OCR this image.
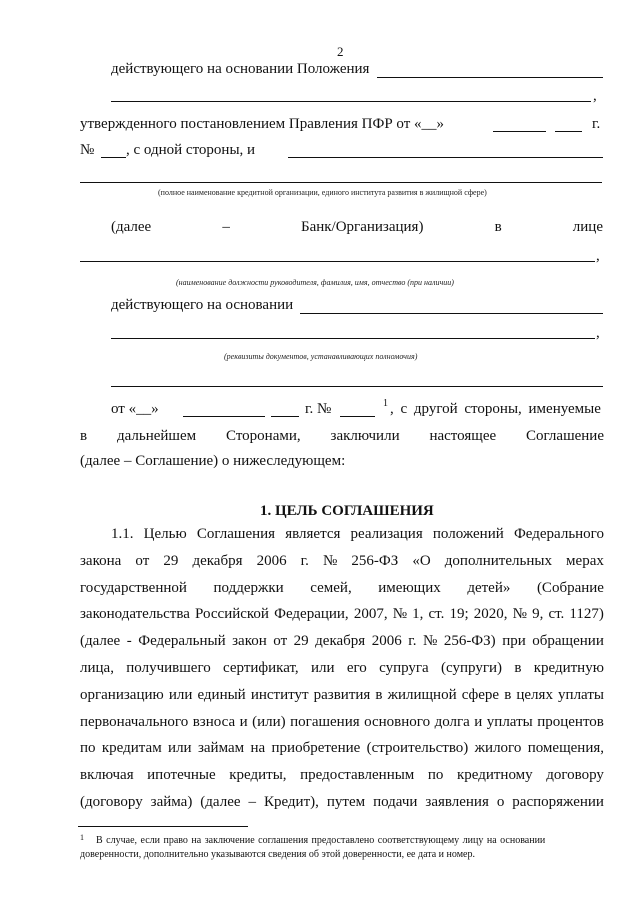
2
действующего на основании Положения
,
утвержденного постановлением Правления ПФР от «__»	г.
№ , с одной стороны, и
(полное наименование кредитной организации, единого института развития в жилищной сфере)
(далее	–	Банк/Организация)	в	лице
,
(наименование должности руководителя, фамилия, имя, отчество (при наличии)
действующего на основании
,
(реквизиты документов, устанавливающих полномочия)
от «__»	г. №	1 , с другой стороны, именуемые
в дальнейшем Сторонами, заключили настоящее Соглашение
(далее – Соглашение) о нижеследующем:
1. ЦЕЛЬ СОГЛАШЕНИЯ
1.1. Целью Соглашения является реализация положений Федерального
закона от 29 декабря 2006 г. № 256-ФЗ «О дополнительных мерах
государственной поддержки семей, имеющих детей» (Собрание
законодательства Российской Федерации, 2007, № 1, ст. 19; 2020, № 9, ст. 1127)
(далее - Федеральный закон от 29 декабря 2006 г. № 256-ФЗ) при обращении
лица, получившего сертификат, или его супруга (супруги) в кредитную
организацию или единый институт развития в жилищной сфере в целях уплаты
первоначального взноса и (или) погашения основного долга и уплаты процентов
по кредитам или займам на приобретение (строительство) жилого помещения,
включая ипотечные кредиты, предоставленным по кредитному договору
(договору займа) (далее – Кредит), путем подачи заявления о распоряжении
1 В случае, если право на заключение соглашения предоставлено соответствующему лицу на основании
доверенности, дополнительно указываются сведения об этой доверенности, ее дата и номер.
